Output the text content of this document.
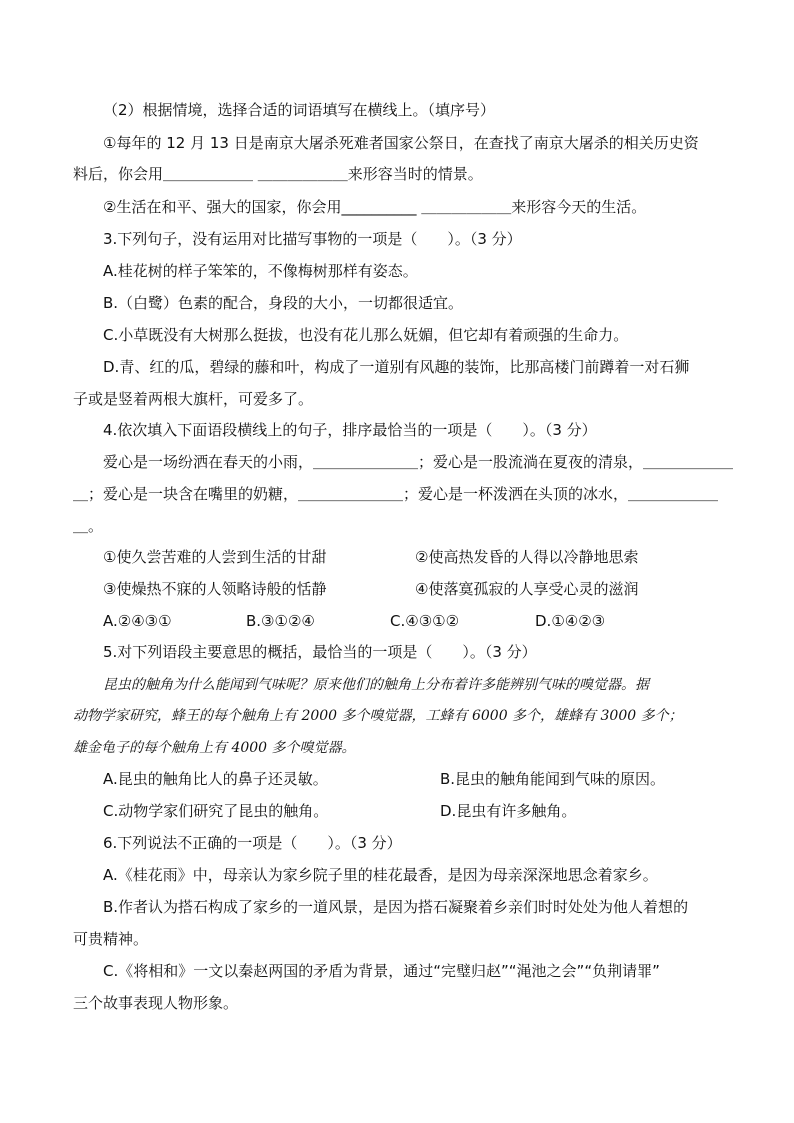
（2）根据情境，选择合适的词语填写在横线上。（填序号）
①每年的 12 月 13 日是南京大屠杀死难者国家公祭日，在查找了南京大屠杀的相关历史资
料后，你会用＿＿＿＿＿＿ ＿＿＿＿＿＿来形容当时的情景。
②生活在和平、强大的国家，你会用__________ ＿＿＿＿＿＿来形容今天的生活。
3.下列句子，没有运用对比描写事物的一项是（　　）。（3 分）
A.桂花树的样子笨笨的，不像梅树那样有姿态。
B.（白鹭）色素的配合，身段的大小，一切都很适宜。
C.小草既没有大树那么挺拔，也没有花儿那么妩媚，但它却有着顽强的生命力。
D.青、红的瓜，碧绿的藤和叶，构成了一道别有风趣的装饰，比那高楼门前蹲着一对石狮
子或是竖着两根大旗杆，可爱多了。
4.依次填入下面语段横线上的句子，排序最恰当的一项是（　　）。（3 分）
爱心是一场纷洒在春天的小雨，＿＿＿＿＿＿＿；爱心是一股流淌在夏夜的清泉，＿＿＿＿＿＿
＿；爱心是一块含在嘴里的奶糖，＿＿＿＿＿＿＿；爱心是一杯泼洒在头顶的冰水，＿＿＿＿＿＿
＿。
①使久尝苦难的人尝到生活的甘甜	②使高热发昏的人得以冷静地思索
③使燥热不寐的人领略诗般的恬静	④使落寞孤寂的人享受心灵的滋润
A.②④③①	B.③①②④	C.④③①②	D.①④②③
5.对下列语段主要意思的概括，最恰当的一项是（　　）。（3 分）
昆虫的触角为什么能闻到气味呢？原来他们的触角上分布着许多能辨别气味的嗅觉器。据
动物学家研究，蜂王的每个触角上有 2000 多个嗅觉器，工蜂有 6000 多个，雄蜂有 3000 多个；
雄金龟子的每个触角上有 4000 多个嗅觉器。
A.昆虫的触角比人的鼻子还灵敏。	B.昆虫的触角能闻到气味的原因。
C.动物学家们研究了昆虫的触角。	D.昆虫有许多触角。
6.下列说法不正确的一项是（　　）。（3 分）
A.《桂花雨》中，母亲认为家乡院子里的桂花最香，是因为母亲深深地思念着家乡。
B.作者认为搭石构成了家乡的一道风景，是因为搭石凝聚着乡亲们时时处处为他人着想的
可贵精神。
C.《将相和》一文以秦赵两国的矛盾为背景，通过“完璧归赵”“渑池之会”“负荆请罪”
三个故事表现人物形象。
